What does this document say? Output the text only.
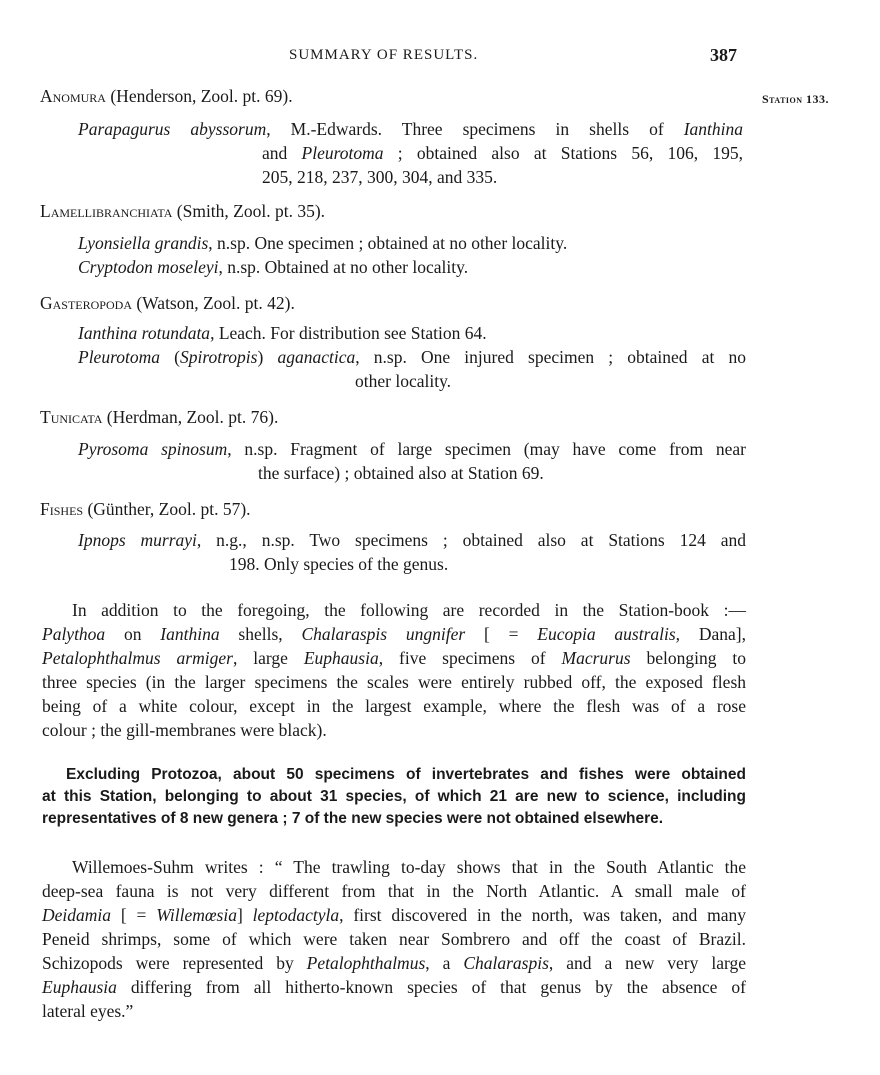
SUMMARY OF RESULTS.	387
Station 133.
Anomura (Henderson, Zool. pt. 69).
Parapagurus abyssorum, M.-Edwards. Three specimens in shells of Ianthina
and Pleurotoma ; obtained also at Stations 56, 106, 195,
205, 218, 237, 300, 304, and 335.
Lamellibranchiata (Smith, Zool. pt. 35).
Lyonsiella grandis, n.sp. One specimen ; obtained at no other locality.
Cryptodon moseleyi, n.sp. Obtained at no other locality.
Gasteropoda (Watson, Zool. pt. 42).
Ianthina rotundata, Leach. For distribution see Station 64.
Pleurotoma (Spirotropis) aganactica, n.sp. One injured specimen ; obtained at no
other locality.
Tunicata (Herdman, Zool. pt. 76).
Pyrosoma spinosum, n.sp. Fragment of large specimen (may have come from near
the surface) ; obtained also at Station 69.
Fishes (Günther, Zool. pt. 57).
Ipnops murrayi, n.g., n.sp. Two specimens ; obtained also at Stations 124 and
198. Only species of the genus.
In addition to the foregoing, the following are recorded in the Station-book :—
Palythoa on Ianthina shells, Chalaraspis ungnifer [ = Eucopia australis, Dana],
Petalophthalmus armiger, large Euphausia, five specimens of Macrurus belonging to
three species (in the larger specimens the scales were entirely rubbed off, the exposed flesh
being of a white colour, except in the largest example, where the flesh was of a rose
colour ; the gill-membranes were black).
Excluding Protozoa, about 50 specimens of invertebrates and fishes were obtained
at this Station, belonging to about 31 species, of which 21 are new to science, including
representatives of 8 new genera ; 7 of the new species were not obtained elsewhere.
Willemoes-Suhm writes : “ The trawling to-day shows that in the South Atlantic the
deep-sea fauna is not very different from that in the North Atlantic. A small male of
Deidamia [ = Willemœsia] leptodactyla, first discovered in the north, was taken, and many
Peneid shrimps, some of which were taken near Sombrero and off the coast of Brazil.
Schizopods were represented by Petalophthalmus, a Chalaraspis, and a new very large
Euphausia differing from all hitherto-known species of that genus by the absence of
lateral eyes.”
